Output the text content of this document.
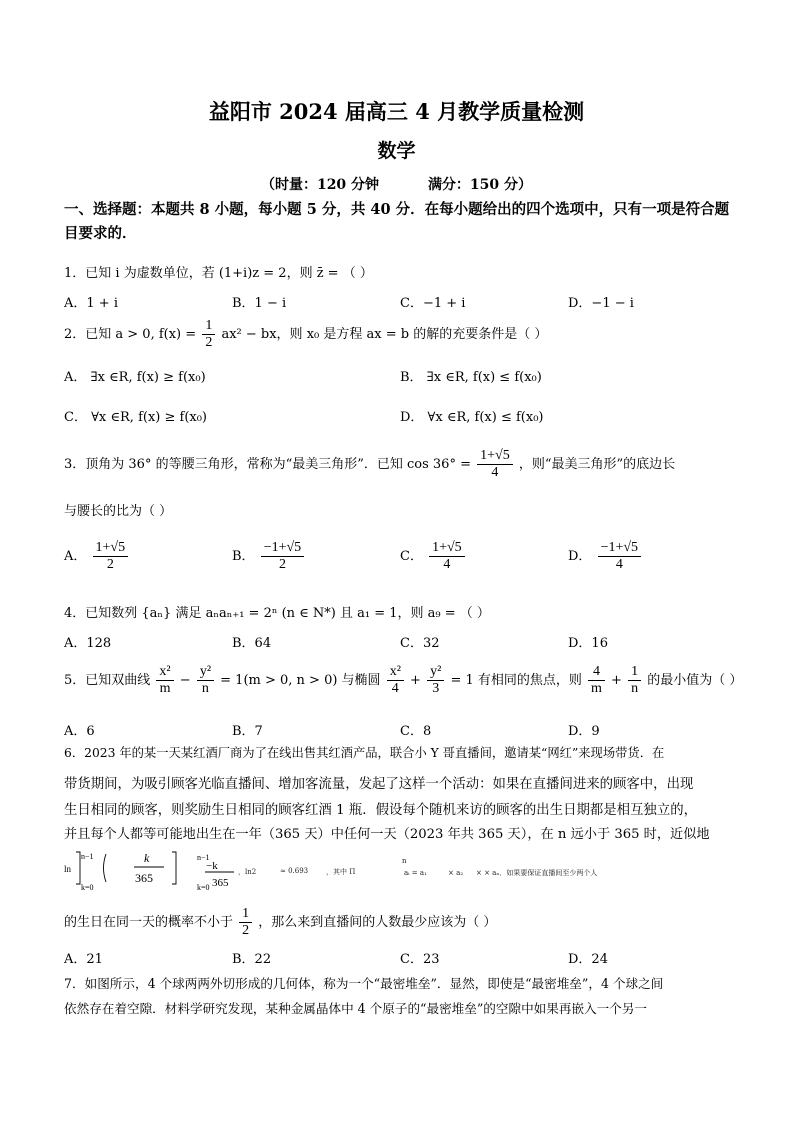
益阳市 2024 届高三 4 月教学质量检测
数学
（时量：120 分钟	满分：150 分）
一、选择题：本题共 8 小题，每小题 5 分，共 40 分．在每小题给出的四个选项中，只有一项是符合题目要求的．
1．已知 i 为虚数单位，若 (1+i)z = 2，则 z̄ = （ ）
A．1 + i	B．1 − i	C．−1 + i	D．−1 − i
2．已知 a > 0, $f(x) = \frac{1}{2} ax^2$ − bx，则 x₀ 是方程 ax = b 的解的充要条件是（ ）
A． ∃x ∈R, f(x) ≥ f(x₀)	B． ∃x ∈R, f(x) ≤ f(x₀)
C． ∀x ∈R, f(x) ≥ f(x₀)	D． ∀x ∈R, f(x) ≤ f(x₀)
3．顶角为 36° 的等腰三角形，常称为“最美三角形”．已知 $\cos 36^\circ = \frac{1+√5}{4}$ ，则“最美三角形”的底边长
与腰长的比为（ ）
A． $\frac{1+√5}{2}$	B． $\frac{-1+√5}{2}$	C． $\frac{1+√5}{4}$	D． $\frac{-1+√5}{4}$
4．已知数列 {aₙ} 满足 aₙaₙ₊₁ = 2ⁿ (n ∈ N*) 且 a₁ = 1，则 a₉ = （ ）
A．128	B．64	C．32	D．16
5．已知双曲线 $\frac{\text{x²}}{m} - \frac{\text{y²}}{n} = 1(m > 0$, n > 0) 与椭圆 $\frac{\text{x²}}{4} + \frac{\text{y²}}{3} = 1$ 有相同的焦点，则 $\frac{4}{m} + \frac{1}{n}$ 的最小值为（ ）
A．6	B．7	C．8	D．9
6．2023 年的某一天某红酒厂商为了在线出售其红酒产品，联合小 Y 哥直播间，邀请某“网红”来现场带货．在
带货期间，为吸引顾客光临直播间、增加客流量，发起了这样一个活动：如果在直播间进来的顾客中，出现
生日相同的顾客，则奖励生日相同的顾客红酒 1 瓶．假设每个随机来访的顾客的出生日期都是相互独立的，
并且每个人都等可能地出生在一年（365 天）中任何一天（2023 年共 365 天），在 n 远小于 365 时，近似地
ln
n−1
k=0
k
365
n−1
−k
k=0 365
，ln2	≈ 0.693	，其中 Π
n
aᵢ = a₁	× a₂ × × aₙ．如果要保证直播间至少两个人
的生日在同一天的概率不小于 $\frac{1}{2}$ ，那么来到直播间的人数最少应该为（ ）
A．21	B．22	C．23	D．24
7．如图所示，4 个球两两外切形成的几何体，称为一个“最密堆垒”．显然，即使是“最密堆垒”，4 个球之间
依然存在着空隙．材料学研究发现，某种金属晶体中 4 个原子的“最密堆垒”的空隙中如果再嵌入一个另一
